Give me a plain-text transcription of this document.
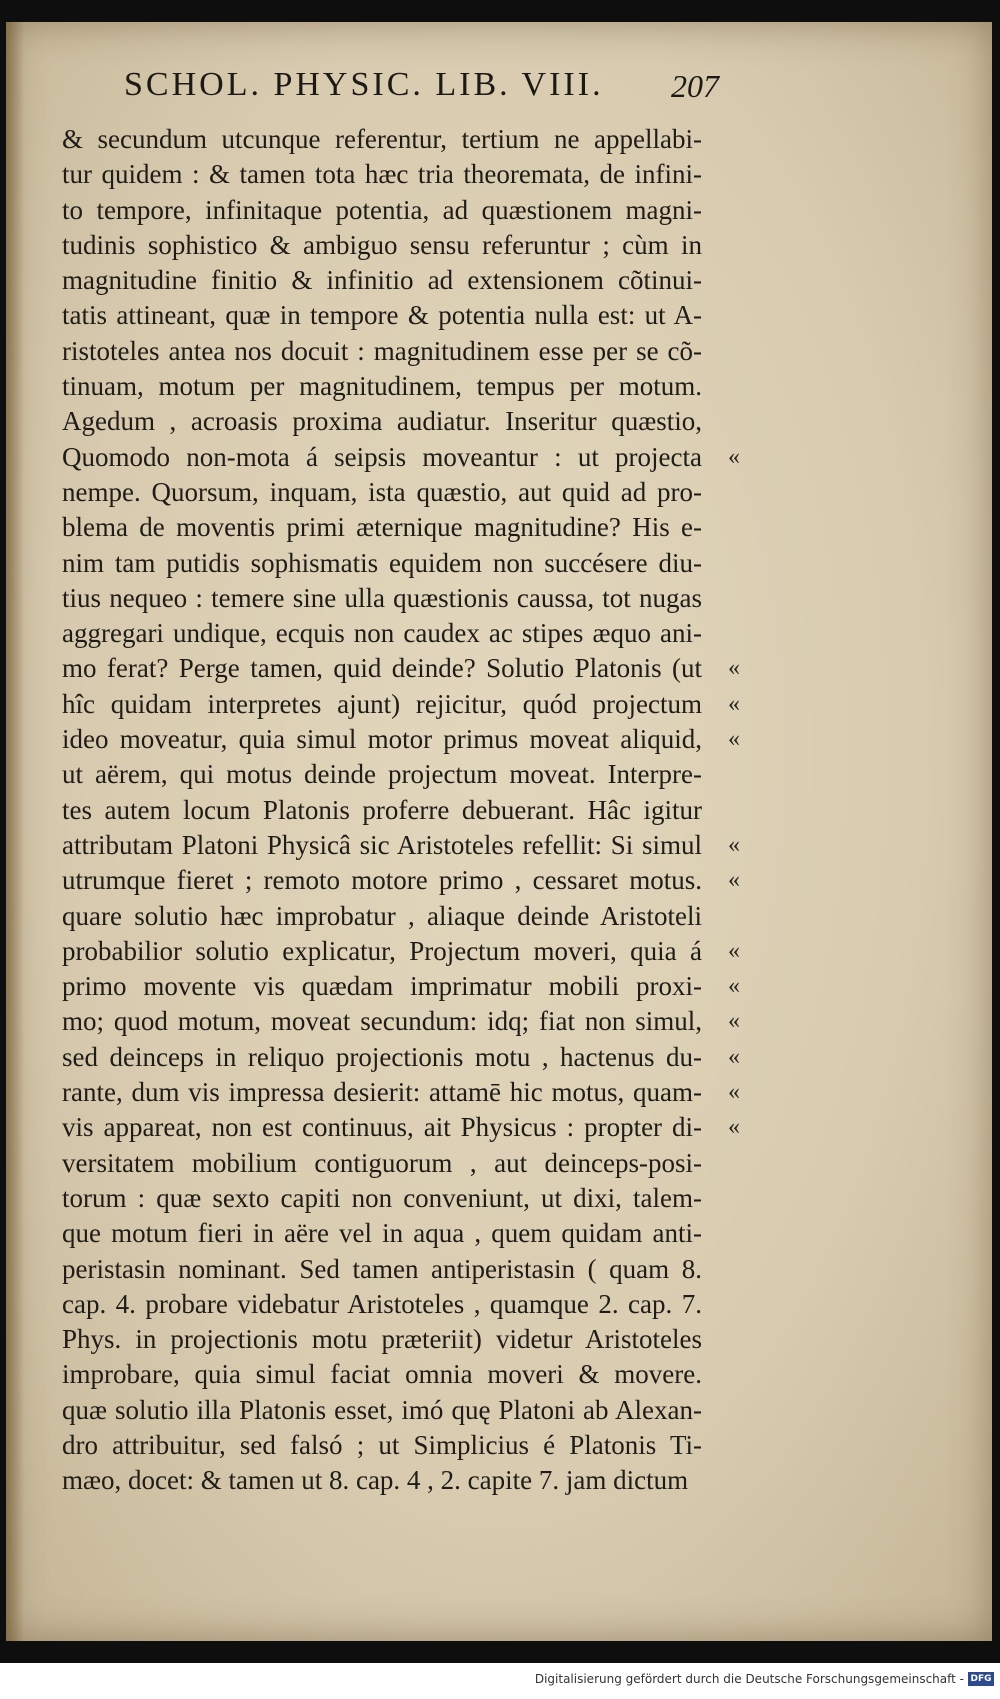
SCHOL. PHYSIC. LIB. VIII.	207
& secundum utcunque referentur, tertium ne appellabi-
tur quidem : & tamen tota hæc tria theoremata, de infini-
to tempore, infinitaque potentia, ad quæstionem magni-
tudinis sophistico & ambiguo sensu referuntur ; cùm in
magnitudine finitio & infinitio ad extensionem cõtinui-
tatis attineant, quæ in tempore & potentia nulla est: ut A-
ristoteles antea nos docuit : magnitudinem esse per se cõ-
tinuam, motum per magnitudinem, tempus per motum.
Agedum , acroasis proxima audiatur. Inseritur quæstio,
Quomodo non-mota á seipsis moveantur : ut projecta «
nempe. Quorsum, inquam, ista quæstio, aut quid ad pro-
blema de moventis primi æternique magnitudine? His e-
nim tam putidis sophismatis equidem non succésere diu-
tius nequeo : temere sine ulla quæstionis caussa, tot nugas
aggregari undique, ecquis non caudex ac stipes æquo ani-
mo ferat? Perge tamen, quid deinde? Solutio Platonis (ut «
hîc quidam interpretes ajunt) rejicitur, quód projectum «
ideo moveatur, quia simul motor primus moveat aliquid, «
ut aërem, qui motus deinde projectum moveat. Interpre-
tes autem locum Platonis proferre debuerant. Hâc igitur
attributam Platoni Physicâ sic Aristoteles refellit: Si simul «
utrumque fieret ; remoto motore primo , cessaret motus. «
quare solutio hæc improbatur , aliaque deinde Aristoteli
probabilior solutio explicatur, Projectum moveri, quia á «
primo movente vis quædam imprimatur mobili proxi- «
mo; quod motum, moveat secundum: idq; fiat non simul, «
sed deinceps in reliquo projectionis motu , hactenus du- «
rante, dum vis impressa desierit: attamē hic motus, quam- «
vis appareat, non est continuus, ait Physicus : propter di- «
versitatem mobilium contiguorum , aut deinceps-posi-
torum : quæ sexto capiti non conveniunt, ut dixi, talem-
que motum fieri in aëre vel in aqua , quem quidam anti-
peristasin nominant. Sed tamen antiperistasin ( quam 8.
cap. 4. probare videbatur Aristoteles , quamque 2. cap. 7.
Phys. in projectionis motu præteriit) videtur Aristoteles
improbare, quia simul faciat omnia moveri & movere.
quæ solutio illa Platonis esset, imó quę Platoni ab Alexan-
dro attribuitur, sed falsó ; ut Simplicius é Platonis Ti-
mæo, docet: & tamen ut 8. cap. 4 , 2. capite 7. jam dictum
Digitalisierung gefördert durch die Deutsche Forschungsgemeinschaft - DFG
